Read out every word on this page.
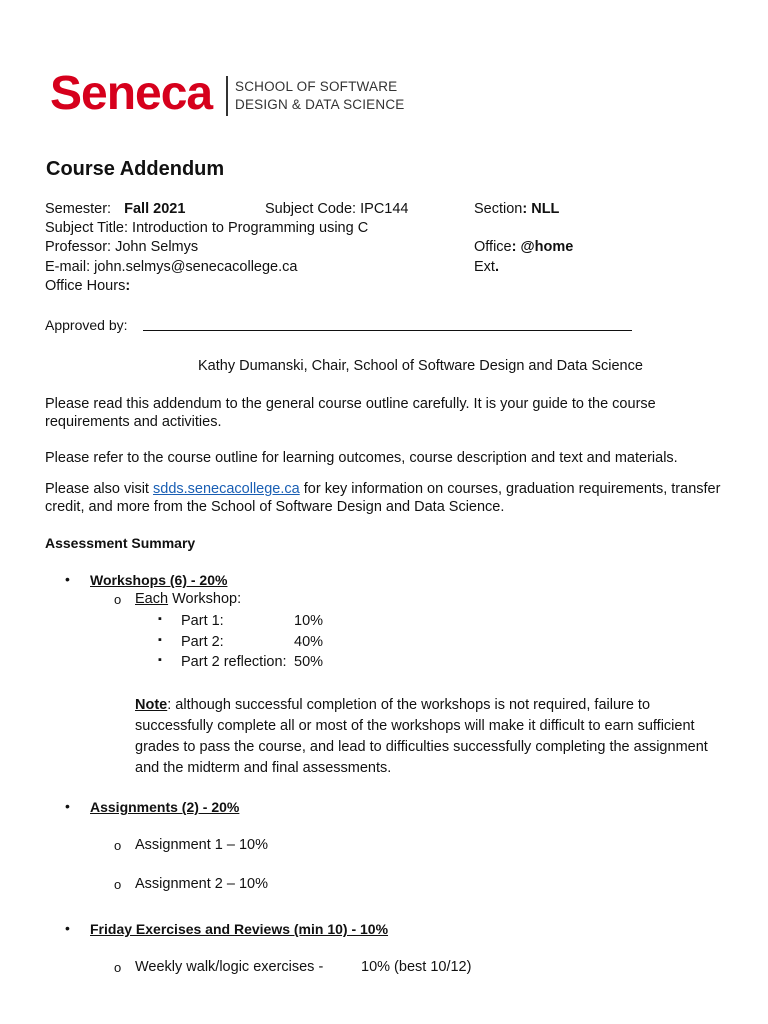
Seneca SCHOOL OF SOFTWARE
DESIGN & DATA SCIENCE
Course Addendum
Semester: Fall 2021	Subject Code: IPC144	Section: NLL
Subject Title: Introduction to Programming using C
Professor: John Selmys	Office: @home
E-mail: john.selmys@senecacollege.ca	Ext.
Office Hours:
Approved by:
Kathy Dumanski, Chair, School of Software Design and Data Science
Please read this addendum to the general course outline carefully. It is your guide to the course requirements and activities.
Please refer to the course outline for learning outcomes, course description and text and materials.
Please also visit sdds.senecacollege.ca for key information on courses, graduation requirements, transfer credit, and more from the School of Software Design and Data Science.
Assessment Summary
• Workshops (6) - 20%
o Each Workshop:
▪ Part 1:	10%
▪ Part 2:	40%
▪ Part 2 reflection: 50%
Note: although successful completion of the workshops is not required, failure to successfully complete all or most of the workshops will make it difficult to earn sufficient grades to pass the course, and lead to difficulties successfully completing the assignment and the midterm and final assessments.
• Assignments (2) - 20%
o Assignment 1 – 10%
o Assignment 2 – 10%
• Friday Exercises and Reviews (min 10) - 10%
o Weekly walk/logic exercises -	10% (best 10/12)
